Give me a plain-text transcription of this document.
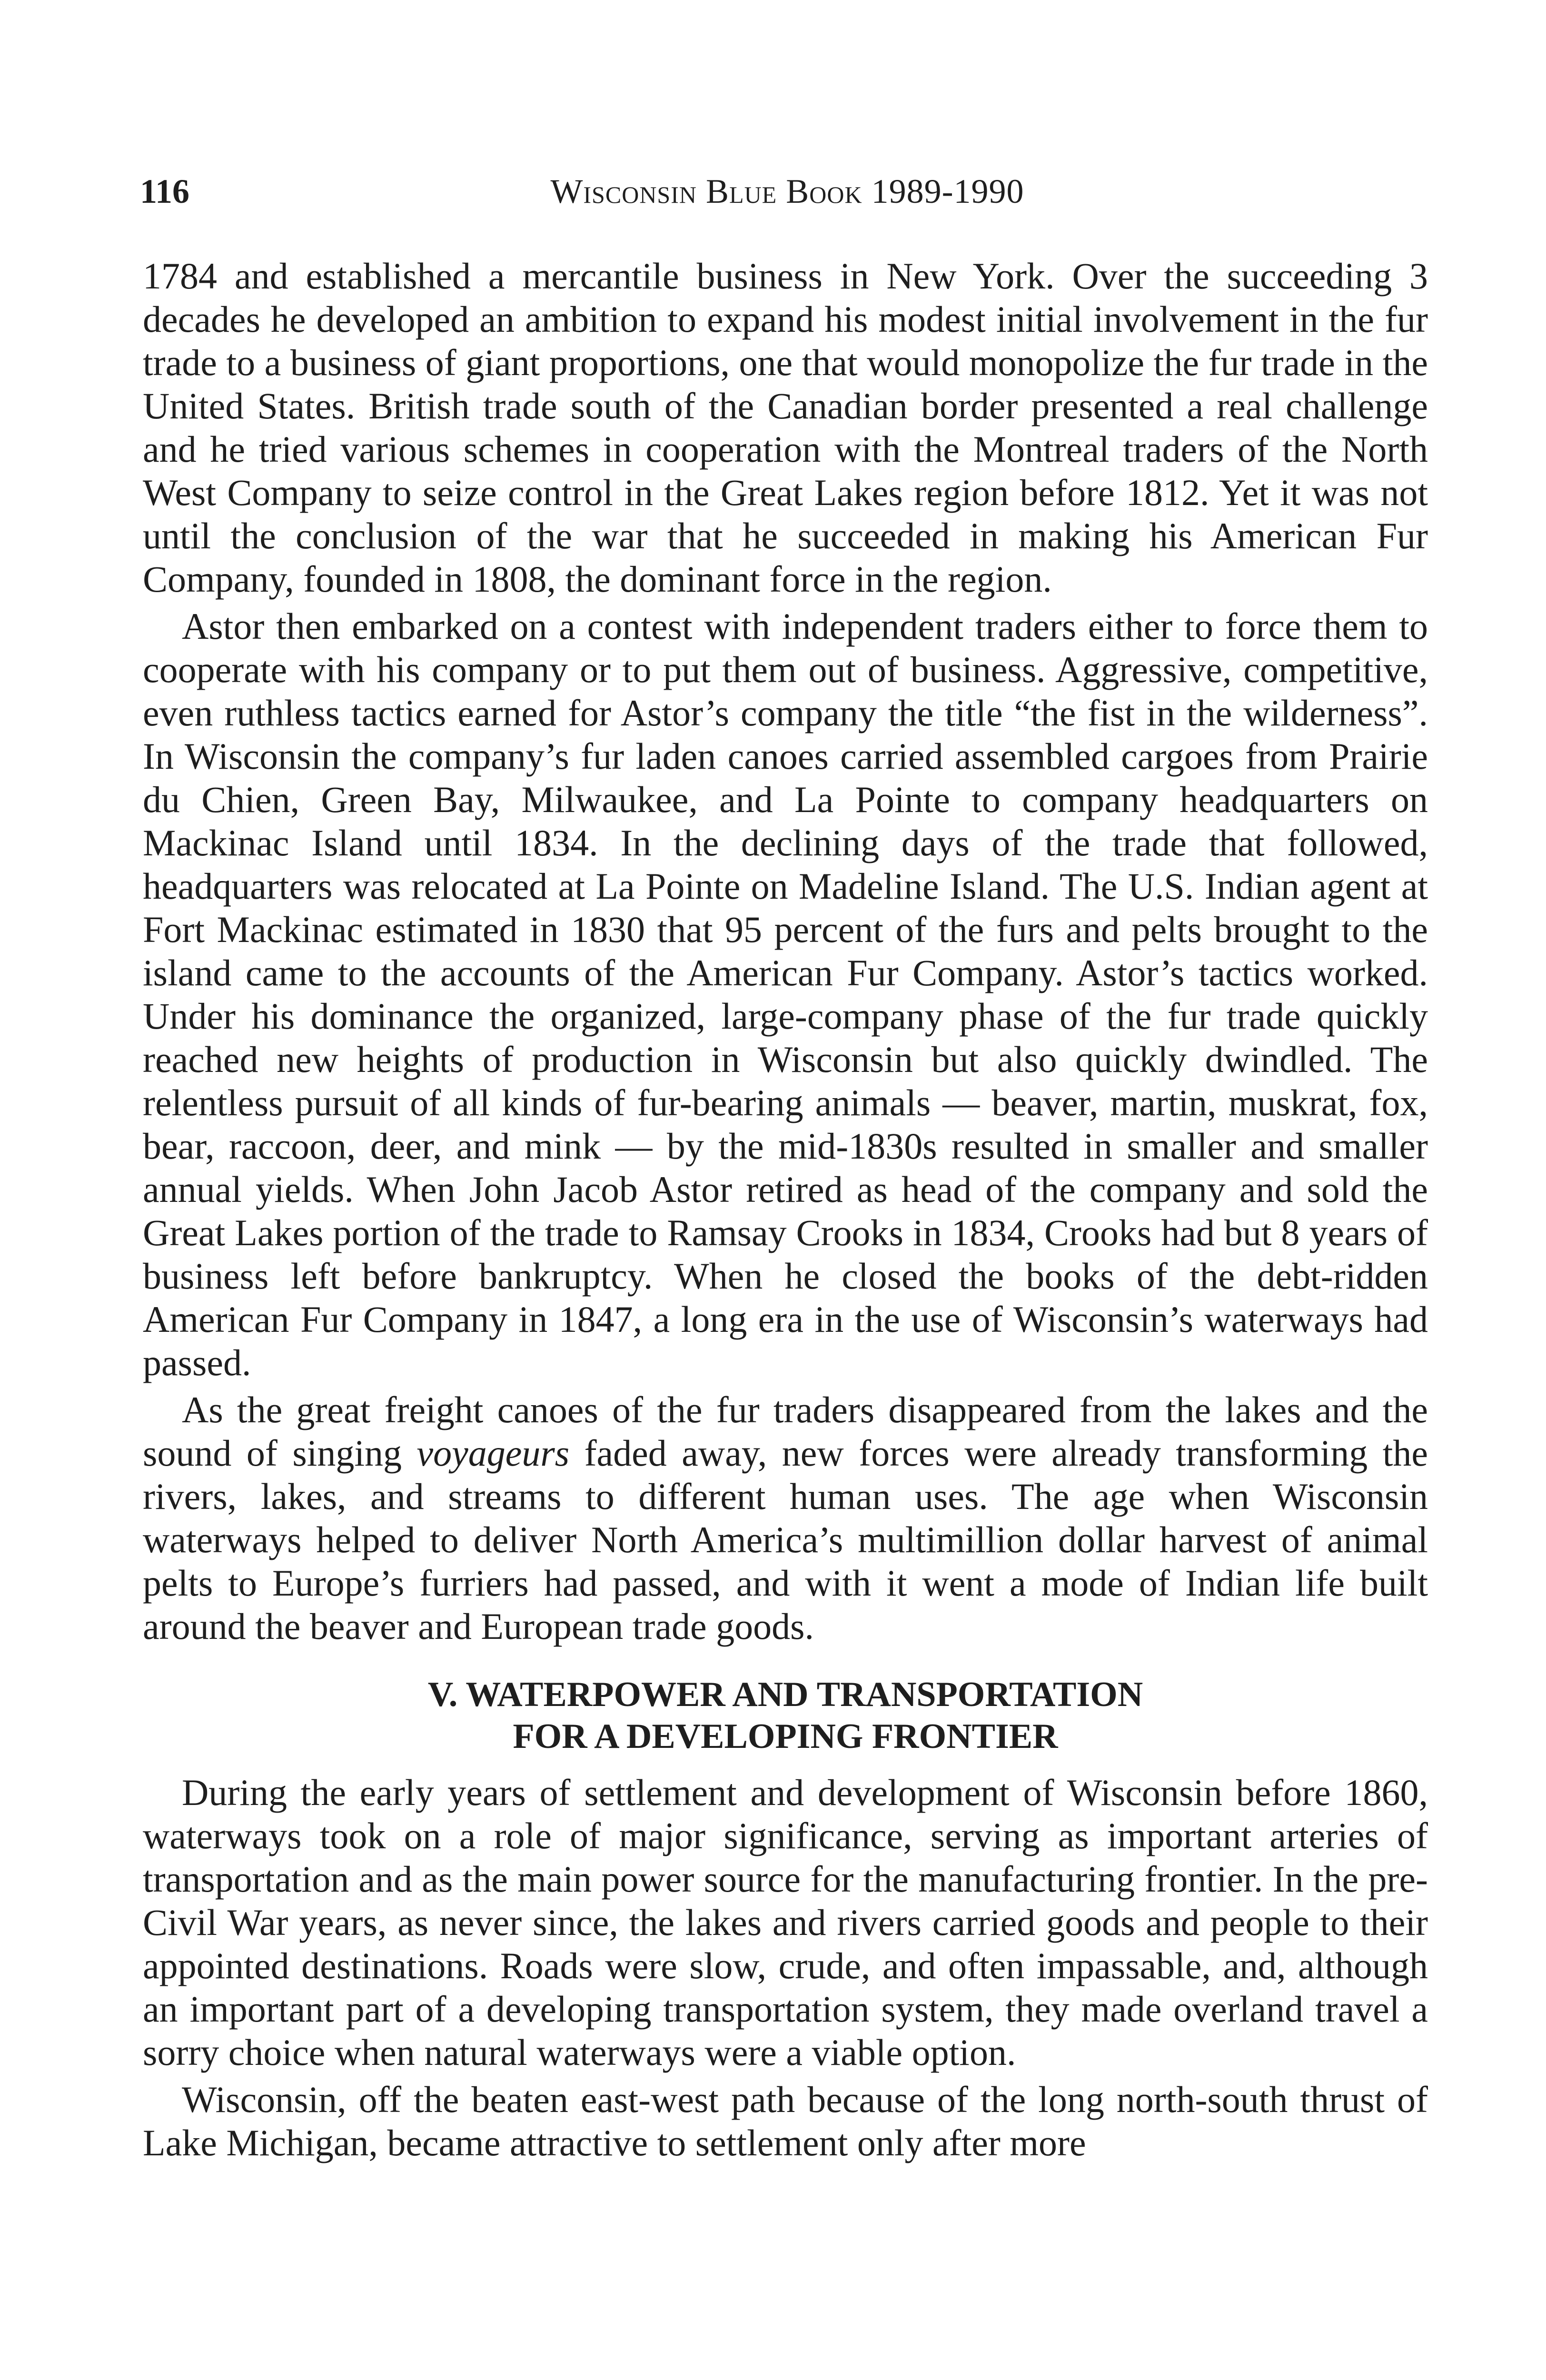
116	Wisconsin Blue Book 1989-1990

1784 and established a mercantile business in New York. Over the succeeding 3 decades he developed an ambition to expand his modest initial involvement in the fur trade to a business of giant proportions, one that would monopolize the fur trade in the United States. British trade south of the Canadian border presented a real challenge and he tried various schemes in cooperation with the Montreal traders of the North West Company to seize control in the Great Lakes region before 1812. Yet it was not until the conclusion of the war that he succeeded in making his American Fur Company, founded in 1808, the dominant force in the region.

Astor then embarked on a contest with independent traders either to force them to cooperate with his company or to put them out of business. Aggressive, competitive, even ruthless tactics earned for Astor’s company the title “the fist in the wilderness”. In Wisconsin the company’s fur laden canoes carried assembled cargoes from Prairie du Chien, Green Bay, Milwaukee, and La Pointe to company headquarters on Mackinac Island until 1834. In the declining days of the trade that followed, headquarters was relocated at La Pointe on Madeline Island. The U.S. Indian agent at Fort Mackinac estimated in 1830 that 95 percent of the furs and pelts brought to the island came to the accounts of the American Fur Company. Astor’s tactics worked. Under his dominance the organized, large-company phase of the fur trade quickly reached new heights of production in Wisconsin but also quickly dwindled. The relentless pursuit of all kinds of fur-bearing animals — beaver, martin, muskrat, fox, bear, raccoon, deer, and mink — by the mid-1830s resulted in smaller and smaller annual yields. When John Jacob Astor retired as head of the company and sold the Great Lakes portion of the trade to Ramsay Crooks in 1834, Crooks had but 8 years of business left before bankruptcy. When he closed the books of the debt-ridden American Fur Company in 1847, a long era in the use of Wisconsin’s waterways had passed.

As the great freight canoes of the fur traders disappeared from the lakes and the sound of singing voyageurs faded away, new forces were already transforming the rivers, lakes, and streams to different human uses. The age when Wisconsin waterways helped to deliver North America’s multimillion dollar harvest of animal pelts to Europe’s furriers had passed, and with it went a mode of Indian life built around the beaver and European trade goods.

V. WATERPOWER AND TRANSPORTATION
FOR A DEVELOPING FRONTIER

During the early years of settlement and development of Wisconsin before 1860, waterways took on a role of major significance, serving as important arteries of transportation and as the main power source for the manufacturing frontier. In the pre-Civil War years, as never since, the lakes and rivers carried goods and people to their appointed destinations. Roads were slow, crude, and often impassable, and, although an important part of a developing transportation system, they made overland travel a sorry choice when natural waterways were a viable option.

Wisconsin, off the beaten east-west path because of the long north-south thrust of Lake Michigan, became attractive to settlement only after more
